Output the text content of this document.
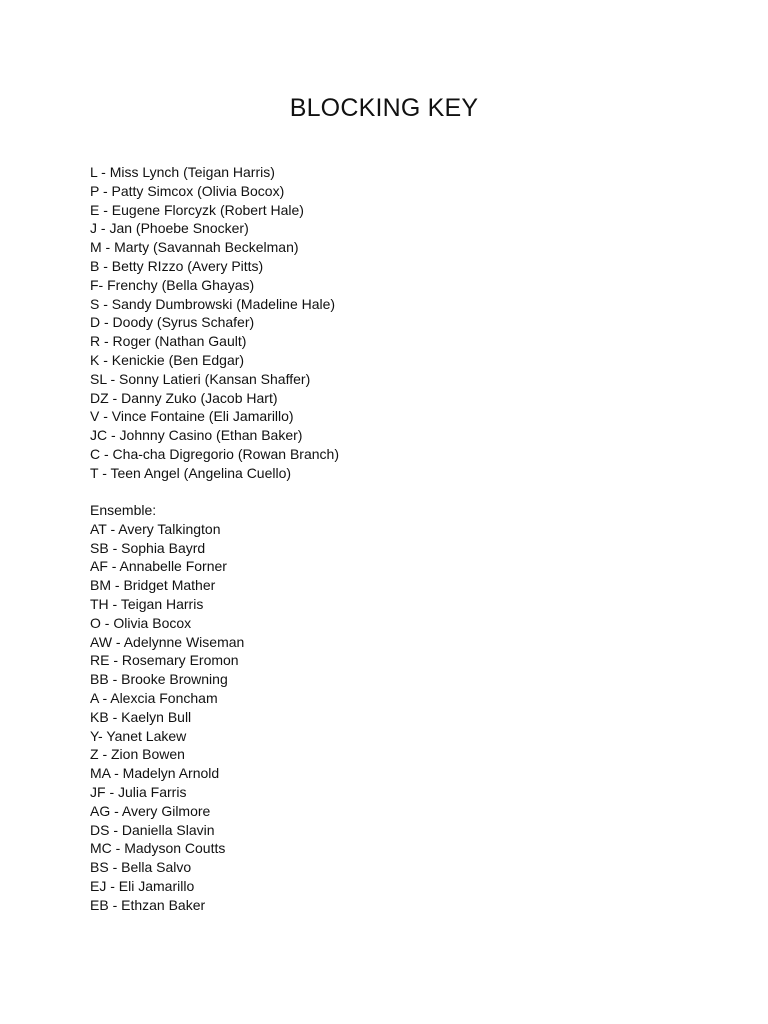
BLOCKING KEY
L - Miss Lynch (Teigan Harris)
P - Patty Simcox (Olivia Bocox)
E - Eugene Florcyzk (Robert Hale)
J - Jan (Phoebe Snocker)
M - Marty (Savannah Beckelman)
B - Betty RIzzo (Avery Pitts)
F- Frenchy (Bella Ghayas)
S - Sandy Dumbrowski (Madeline Hale)
D - Doody (Syrus Schafer)
R - Roger (Nathan Gault)
K - Kenickie (Ben Edgar)
SL - Sonny Latieri (Kansan Shaffer)
DZ - Danny Zuko (Jacob Hart)
V - Vince Fontaine (Eli Jamarillo)
JC - Johnny Casino (Ethan Baker)
C - Cha-cha Digregorio (Rowan Branch)
T - Teen Angel (Angelina Cuello)
Ensemble:
AT - Avery Talkington
SB - Sophia Bayrd
AF - Annabelle Forner
BM - Bridget Mather
TH - Teigan Harris
O - Olivia Bocox
AW - Adelynne Wiseman
RE - Rosemary Eromon
BB - Brooke Browning
A - Alexcia Foncham
KB - Kaelyn Bull
Y- Yanet Lakew
Z - Zion Bowen
MA - Madelyn Arnold
JF - Julia Farris
AG - Avery Gilmore
DS - Daniella Slavin
MC - Madyson Coutts
BS - Bella Salvo
EJ - Eli Jamarillo
EB - Ethzan Baker
